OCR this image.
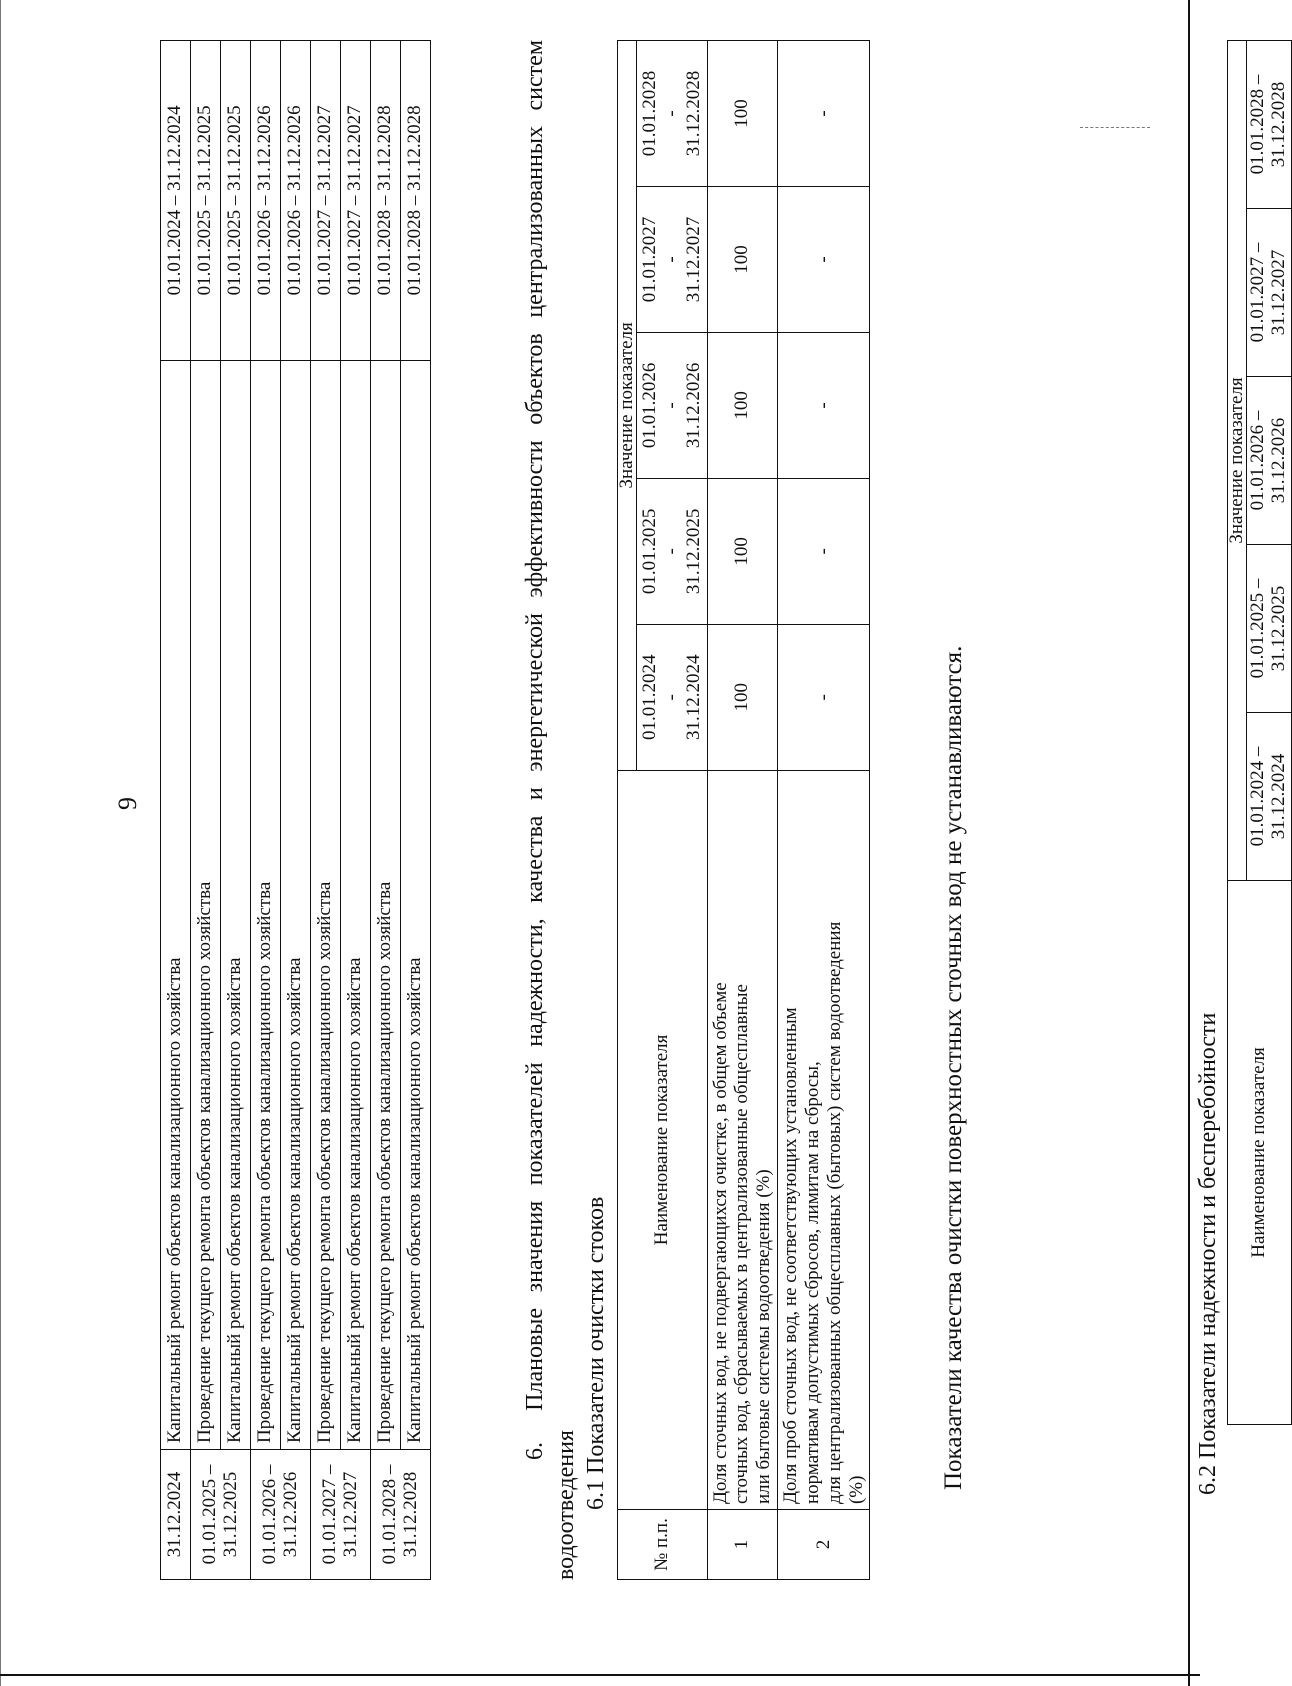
9
31.12.2024	Капитальный ремонт объектов канализационного хозяйства	01.01.2024 – 31.12.2024

01.01.2025 – 31.12.2025	Проведение текущего ремонта объектов канализационного хозяйства	01.01.2025 – 31.12.2025
	Капитальный ремонт объектов канализационного хозяйства	01.01.2025 – 31.12.2025

01.01.2026 – 31.12.2026	Проведение текущего ремонта объектов канализационного хозяйства	01.01.2026 – 31.12.2026
	Капитальный ремонт объектов канализационного хозяйства	01.01.2026 – 31.12.2026

01.01.2027 – 31.12.2027	Проведение текущего ремонта объектов канализационного хозяйства	01.01.2027 – 31.12.2027
	Капитальный ремонт объектов канализационного хозяйства	01.01.2027 – 31.12.2027

01.01.2028 – 31.12.2028	Проведение текущего ремонта объектов канализационного хозяйства	01.01.2028 – 31.12.2028
	Капитальный ремонт объектов канализационного хозяйства	01.01.2028 – 31.12.2028
6.  Плановые значения показателей надежности, качества и энергетической эффективности объектов централизованных систем водоотведения 6.1 Показатели очистки стоков
№ п.п.	Наименование показателя	Значение показателя				

		01.01.2024 - 31.12.2024	01.01.2025 - 31.12.2025	01.01.2026 - 31.12.2026	01.01.2027 - 31.12.2027	01.01.2028 - 31.12.2028

1	Доля сточных вод, не подвергающихся очистке, в общем объеме сточных вод, сбрасываемых в централизованные общесплавные или бытовые системы водоотведения (%)	100	100	100	100	100
2	Доля проб сточных вод, не соответствующих установленным нормативам допустимых сбросов, лимитам на сбросы, для централизованных общесплавных (бытовых) систем водоотведения (%)	-	-	-	-	-
Показатели качества очистки поверхностных сточных вод не устанавливаются.	6.2 Показатели надежности и бесперебойности Наименование показателя	Значение показателя				
	01.01.2024 – 31.12.2024	01.01.2025 – 31.12.2025	01.01.2026 – 31.12.2026	01.01.2027 – 31.12.2027	01.01.2028 – 31.12.2028
